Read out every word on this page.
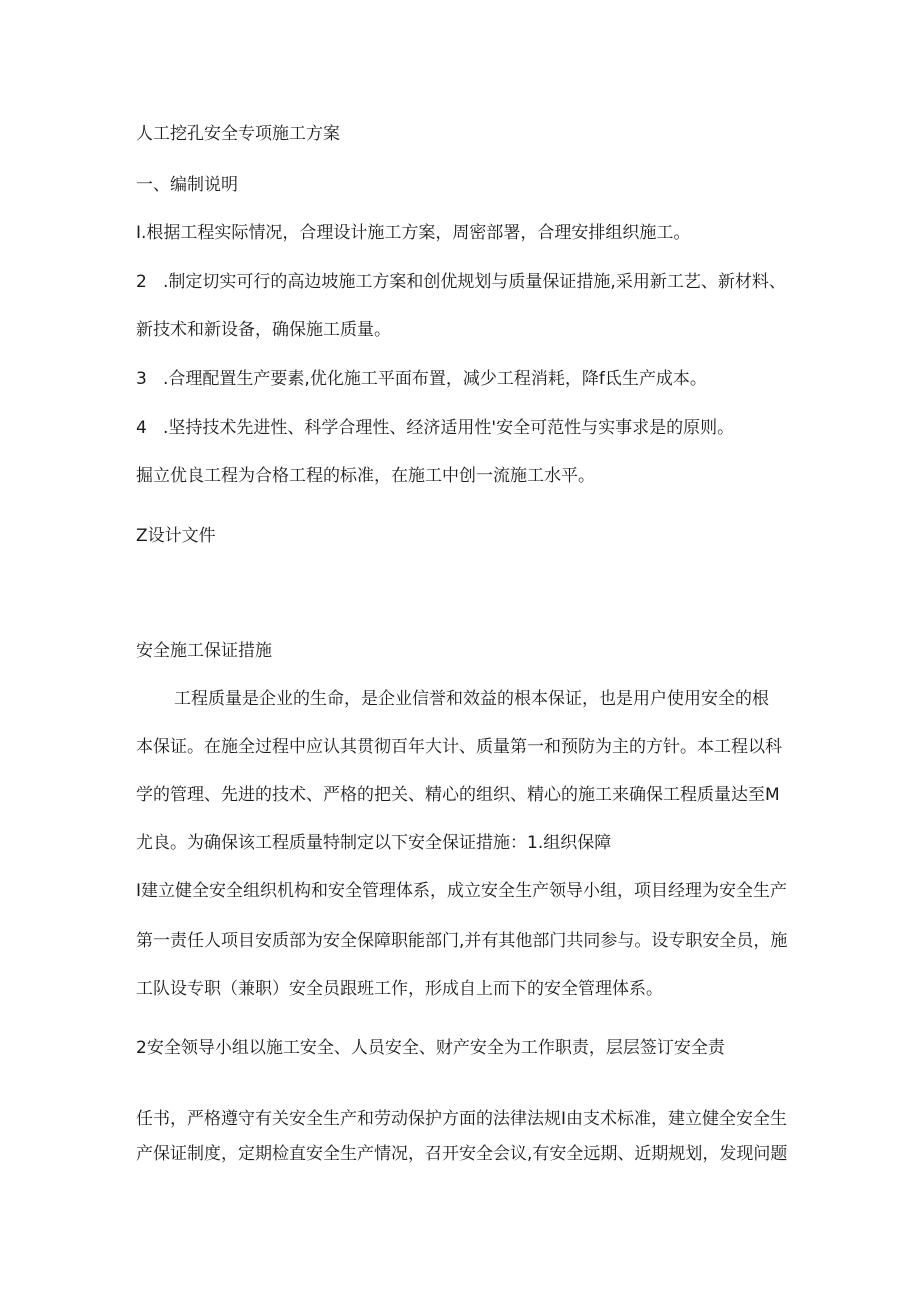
人工挖孔安全专项施工方案

一、编制说明

I.根据工程实际情况，合理设计施工方案，周密部署，合理安排组织施工。

2   .制定切实可行的高边坡施工方案和创优规划与质量保证措施,采用新工艺、新材料、

新技术和新设备，确保施工质量。

3   .合理配置生产要素,优化施工平面布置，减少工程消耗，降f氐生产成本。

4   .坚持技术先进性、科学合理性、经济适用性'安全可范性与实事求是的原则。

掘立优良工程为合格工程的标准，在施工中创一流施工水平。

Z设计文件

安全施工保证措施

工程质量是企业的生命，是企业信誉和效益的根本保证，也是用户使用安全的根

本保证。在施全过程中应认其贯彻百年大计、质量第一和预防为主的方针。本工程以科

学的管理、先进的技术、严格的把关、精心的组织、精心的施工来确保工程质量达至M

尤良。为确保该工程质量特制定以下安全保证措施：1.组织保障

I建立健全安全组织机构和安全管理体系，成立安全生产领导小组，项目经理为安全生产

第一责任人项目安质部为安全保障职能部门,并有其他部门共同参与。设专职安全员，施

工队设专职（兼职）安全员跟班工作，形成自上而下的安全管理体系。

2安全领导小组以施工安全、人员安全、财产安全为工作职责，层层签订安全责

任书，严格遵守有关安全生产和劳动保护方面的法律法规I由支术标准，建立健全安全生

产保证制度，定期检直安全生产情况，召开安全会议,有安全远期、近期规划，发现问题
